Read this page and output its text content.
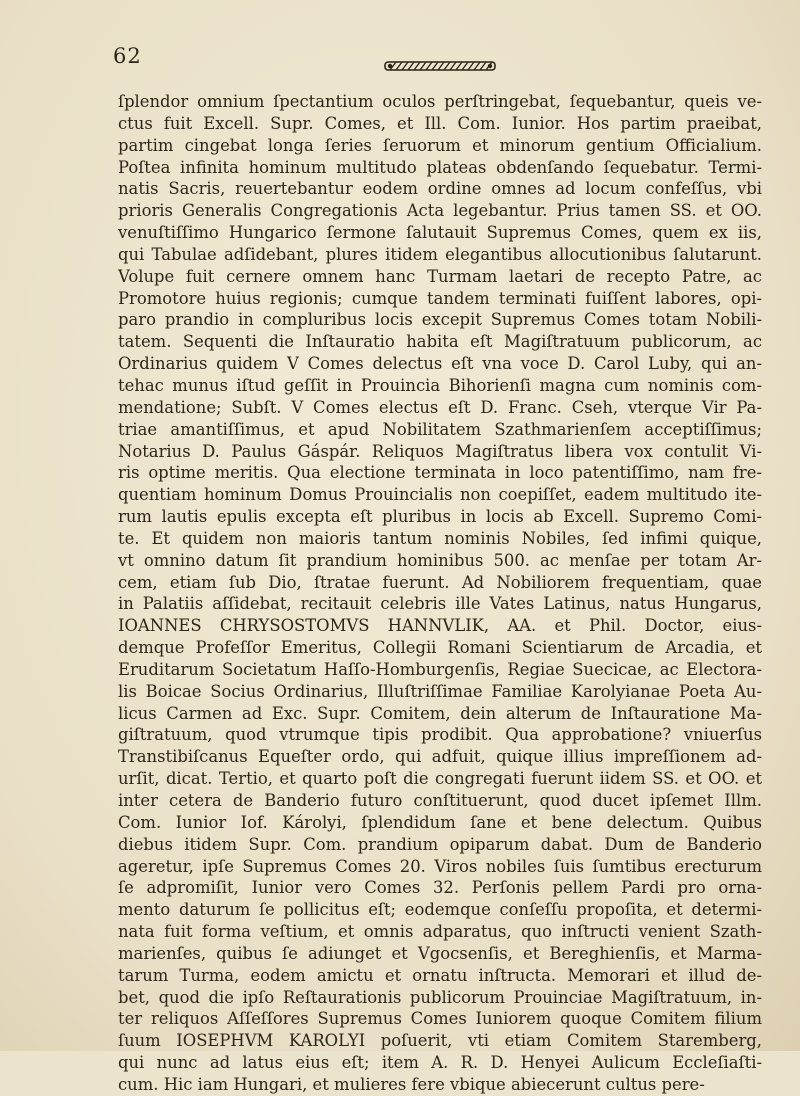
62
ſplendor omnium ſpectantium oculos perſtringebat, ſequebantur, queis ve-
ctus fuit Excell. Supr. Comes, et Ill. Com. Iunior. Hos partim praeibat,
partim cingebat longa ſeries ſeruorum et minorum gentium Officialium.
Poſtea infinita hominum multitudo plateas obdenſando ſequebatur. Termi-
natis Sacris, reuertebantur eodem ordine omnes ad locum confeſſus, vbi
prioris Generalis Congregationis Acta legebantur. Prius tamen SS. et OO.
venuſtiſſimo Hungarico ſermone ſalutauit Supremus Comes, quem ex iis,
qui Tabulae adſidebant, plures itidem elegantibus allocutionibus ſalutarunt.
Volupe fuit cernere omnem hanc Turmam laetari de recepto Patre, ac
Promotore huius regionis; cumque tandem terminati fuiſſent labores, opi-
paro prandio in compluribus locis excepit Supremus Comes totam Nobili-
tatem. Sequenti die Inſtauratio habita eſt Magiſtratuum publicorum, ac
Ordinarius quidem V Comes delectus eſt vna voce D. Carol Luby, qui an-
tehac munus iſtud geſſit in Prouincia Bihorienſi magna cum nominis com-
mendatione; Subſt. V Comes electus eſt D. Franc. Cseh, vterque Vir Pa-
triae amantiſſimus, et apud Nobilitatem Szathmarienſem acceptiſſimus;
Notarius D. Paulus Gáspár. Reliquos Magiſtratus libera vox contulit Vi-
ris optime meritis. Qua electione terminata in loco patentiſſimo, nam fre-
quentiam hominum Domus Prouincialis non coepiſſet, eadem multitudo ite-
rum lautis epulis excepta eſt pluribus in locis ab Excell. Supremo Comi-
te. Et quidem non maioris tantum nominis Nobiles, ſed infimi quique,
vt omnino datum ſit prandium hominibus 500. ac menſae per totam Ar-
cem, etiam ſub Dio, ſtratae fuerunt. Ad Nobiliorem frequentiam, quae
in Palatiis aſſidebat, recitauit celebris ille Vates Latinus, natus Hungarus,
IOANNES CHRYSOSTOMVS HANNVLIK, AA. et Phil. Doctor, eius-
demque Profeſſor Emeritus, Collegii Romani Scientiarum de Arcadia, et
Eruditarum Societatum Haſſo-Homburgenſis, Regiae Suecicae, ac Electora-
lis Boicae Socius Ordinarius, Illuſtriſſimae Familiae Karolyianae Poeta Au-
licus Carmen ad Exc. Supr. Comitem, dein alterum de Inſtauratione Ma-
giſtratuum, quod vtrumque tipis prodibit. Qua approbatione? vniuerſus
Transtibiſcanus Equeſter ordo, qui adfuit, quique illius impreſſionem ad-
urſit, dicat. Tertio, et quarto poſt die congregati fuerunt iidem SS. et OO. et
inter cetera de Banderio futuro conſtituerunt, quod ducet ipſemet Illm.
Com. Iunior Iof. Károlyi, ſplendidum ſane et bene delectum. Quibus
diebus itidem Supr. Com. prandium opiparum dabat. Dum de Banderio
ageretur, ipſe Supremus Comes 20. Viros nobiles ſuis ſumtibus erecturum
ſe adpromiſit, Iunior vero Comes 32. Perſonis pellem Pardi pro orna-
mento daturum ſe pollicitus eſt; eodemque conſeſſu propoſita, et determi-
nata fuit forma veſtium, et omnis adparatus, quo inſtructi venient Szath-
marienſes, quibus ſe adiunget et Vgocsenſis, et Bereghienſis, et Marma-
tarum Turma, eodem amictu et ornatu inſtructa. Memorari et illud de-
bet, quod die ipſo Reſtaurationis publicorum Prouinciae Magiſtratuum, in-
ter reliquos Aſſeſſores Supremus Comes Iuniorem quoque Comitem filium
ſuum IOSEPHVM KAROLYI poſuerit, vti etiam Comitem Staremberg,
qui nunc ad latus eius eſt; item A. R. D. Henyei Aulicum Eccleſiaſti-
cum. Hic iam Hungari, et mulieres fere vbique abiecerunt cultus pere-
